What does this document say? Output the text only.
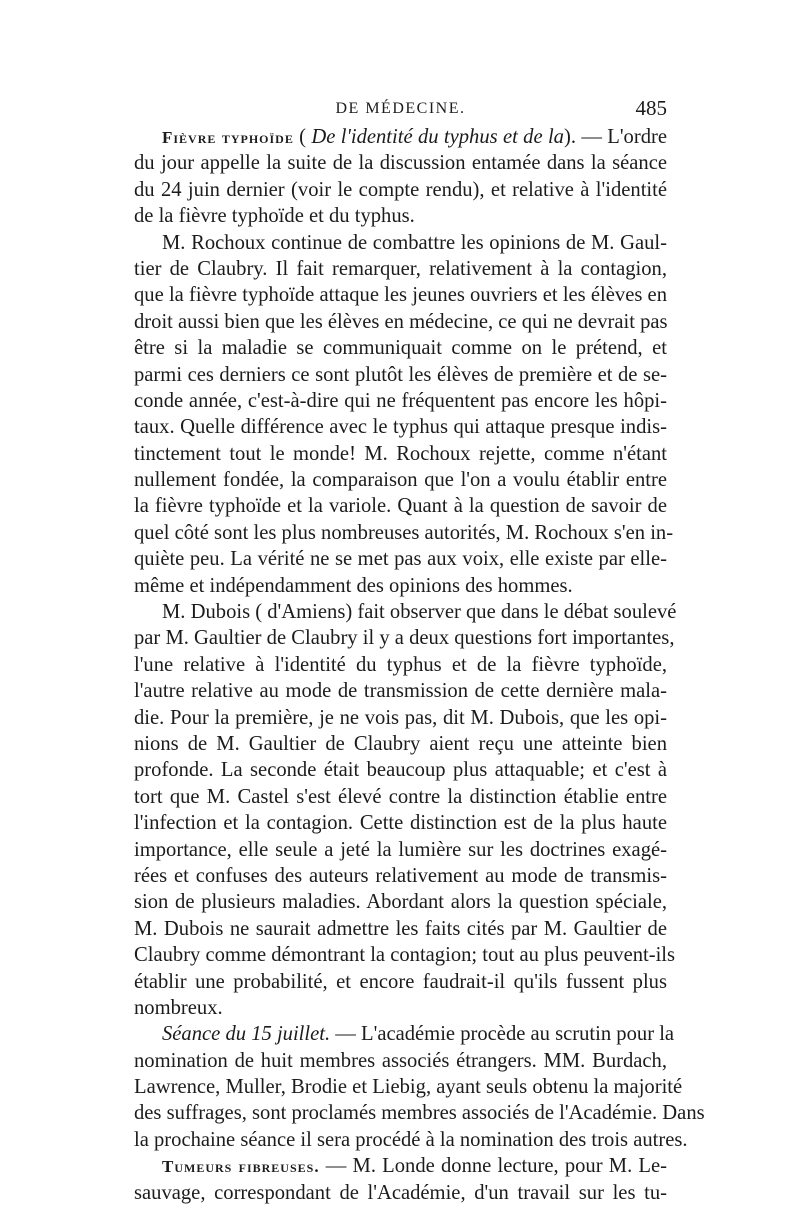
DE MÉDECINE.	485
Fièvre typhoïde ( De l'identité du typhus et de la). — L'ordre
du jour appelle la suite de la discussion entamée dans la séance
du 24 juin dernier (voir le compte rendu), et relative à l'identité
de la fièvre typhoïde et du typhus.
M. Rochoux continue de combattre les opinions de M. Gaul-
tier de Claubry. Il fait remarquer, relativement à la contagion,
que la fièvre typhoïde attaque les jeunes ouvriers et les élèves en
droit aussi bien que les élèves en médecine, ce qui ne devrait pas
être si la maladie se communiquait comme on le prétend, et
parmi ces derniers ce sont plutôt les élèves de première et de se-
conde année, c'est-à-dire qui ne fréquentent pas encore les hôpi-
taux. Quelle différence avec le typhus qui attaque presque indis-
tinctement tout le monde! M. Rochoux rejette, comme n'étant
nullement fondée, la comparaison que l'on a voulu établir entre
la fièvre typhoïde et la variole. Quant à la question de savoir de
quel côté sont les plus nombreuses autorités, M. Rochoux s'en in-
quiète peu. La vérité ne se met pas aux voix, elle existe par elle-
même et indépendamment des opinions des hommes.
M. Dubois ( d'Amiens) fait observer que dans le débat soulevé
par M. Gaultier de Claubry il y a deux questions fort importantes,
l'une relative à l'identité du typhus et de la fièvre typhoïde,
l'autre relative au mode de transmission de cette dernière mala-
die. Pour la première, je ne vois pas, dit M. Dubois, que les opi-
nions de M. Gaultier de Claubry aient reçu une atteinte bien
profonde. La seconde était beaucoup plus attaquable; et c'est à
tort que M. Castel s'est élevé contre la distinction établie entre
l'infection et la contagion. Cette distinction est de la plus haute
importance, elle seule a jeté la lumière sur les doctrines exagé-
rées et confuses des auteurs relativement au mode de transmis-
sion de plusieurs maladies. Abordant alors la question spéciale,
M. Dubois ne saurait admettre les faits cités par M. Gaultier de
Claubry comme démontrant la contagion; tout au plus peuvent-ils
établir une probabilité, et encore faudrait-il qu'ils fussent plus
nombreux.
Séance du 15 juillet. — L'académie procède au scrutin pour la
nomination de huit membres associés étrangers. MM. Burdach,
Lawrence, Muller, Brodie et Liebig, ayant seuls obtenu la majorité
des suffrages, sont proclamés membres associés de l'Académie. Dans
la prochaine séance il sera procédé à la nomination des trois autres.
Tumeurs fibreuses. — M. Londe donne lecture, pour M. Le-
sauvage, correspondant de l'Académie, d'un travail sur les tu-
